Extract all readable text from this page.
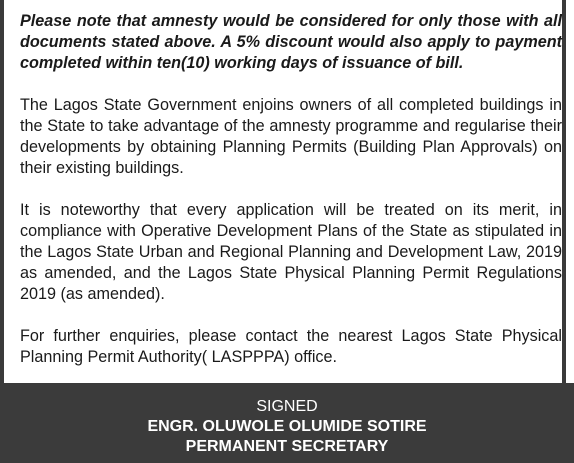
Please note that amnesty would be considered for only those with all documents stated above. A 5% discount would also apply to payment completed within ten(10) working days of issuance of bill.

The Lagos State Government enjoins owners of all completed buildings in the State to take advantage of the amnesty programme and regularise their developments by obtaining Planning Permits (Building Plan Approvals) on their existing buildings.

It is noteworthy that every application will be treated on its merit, in compliance with Operative Development Plans of the State as stipulated in the Lagos State Urban and Regional Planning and Development Law, 2019 as amended, and the Lagos State Physical Planning Permit Regulations 2019 (as amended).

For further enquiries, please contact the nearest Lagos State Physical Planning Permit Authority( LASPPPA) office.

SIGNED
ENGR. OLUWOLE OLUMIDE SOTIRE
PERMANENT SECRETARY
